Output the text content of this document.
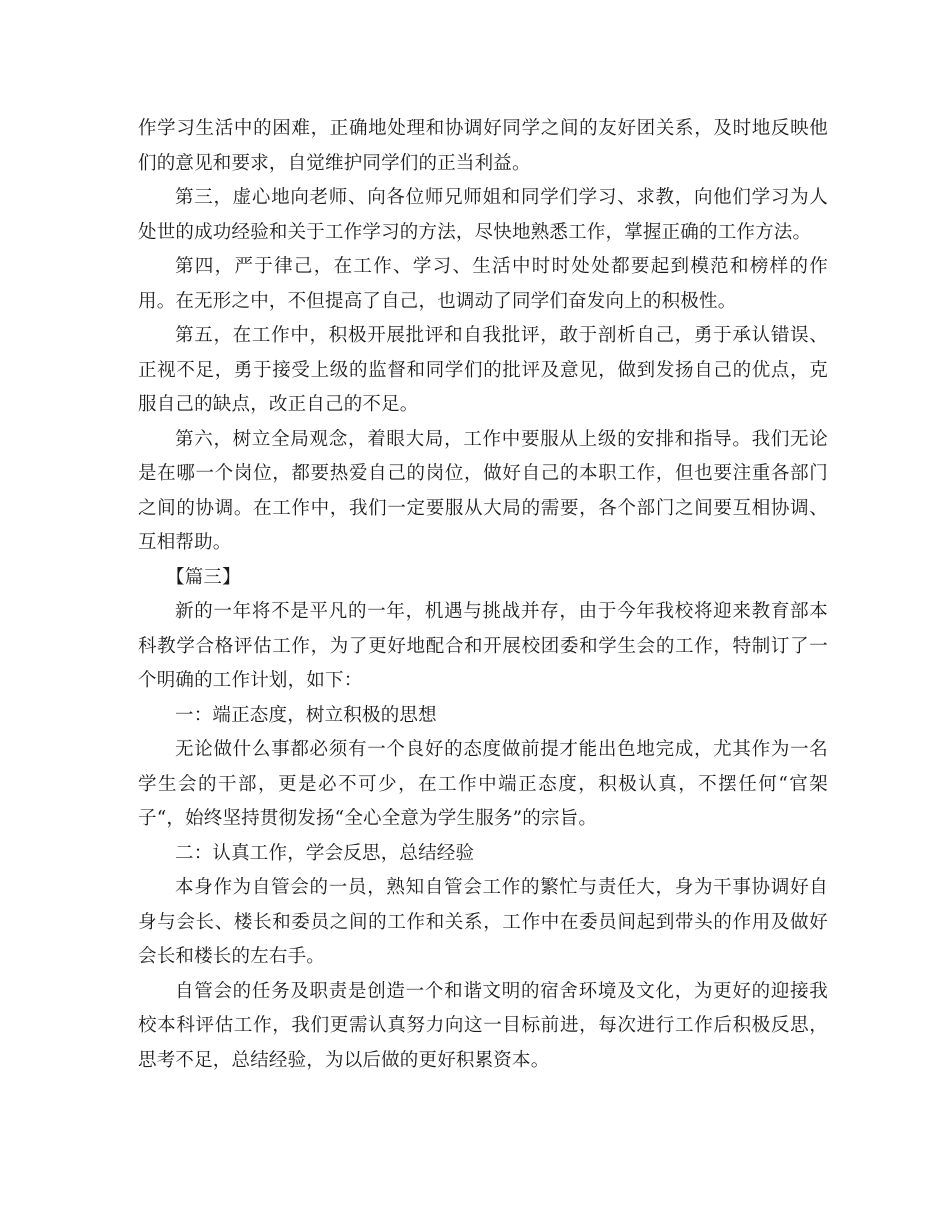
作学习生活中的困难，正确地处理和协调好同学之间的友好团关系，及时地反映他们的意见和要求，自觉维护同学们的正当利益。

第三，虚心地向老师、向各位师兄师姐和同学们学习、求教，向他们学习为人处世的成功经验和关于工作学习的方法，尽快地熟悉工作，掌握正确的工作方法。

第四，严于律己，在工作、学习、生活中时时处处都要起到模范和榜样的作用。在无形之中，不但提高了自己，也调动了同学们奋发向上的积极性。

第五，在工作中，积极开展批评和自我批评，敢于剖析自己，勇于承认错误、正视不足，勇于接受上级的监督和同学们的批评及意见，做到发扬自己的优点，克服自己的缺点，改正自己的不足。

第六，树立全局观念，着眼大局，工作中要服从上级的安排和指导。我们无论是在哪一个岗位，都要热爱自己的岗位，做好自己的本职工作，但也要注重各部门之间的协调。在工作中，我们一定要服从大局的需要，各个部门之间要互相协调、互相帮助。

【篇三】

新的一年将不是平凡的一年，机遇与挑战并存，由于今年我校将迎来教育部本科教学合格评估工作，为了更好地配合和开展校团委和学生会的工作，特制订了一个明确的工作计划，如下：

一：端正态度，树立积极的思想

无论做什么事都必须有一个良好的态度做前提才能出色地完成，尤其作为一名学生会的干部，更是必不可少，在工作中端正态度，积极认真，不摆任何“官架子“，始终坚持贯彻发扬“全心全意为学生服务”的宗旨。

二：认真工作，学会反思，总结经验

本身作为自管会的一员，熟知自管会工作的繁忙与责任大，身为干事协调好自身与会长、楼长和委员之间的工作和关系，工作中在委员间起到带头的作用及做好会长和楼长的左右手。

自管会的任务及职责是创造一个和谐文明的宿舍环境及文化，为更好的迎接我校本科评估工作，我们更需认真努力向这一目标前进，每次进行工作后积极反思，思考不足，总结经验，为以后做的更好积累资本。
